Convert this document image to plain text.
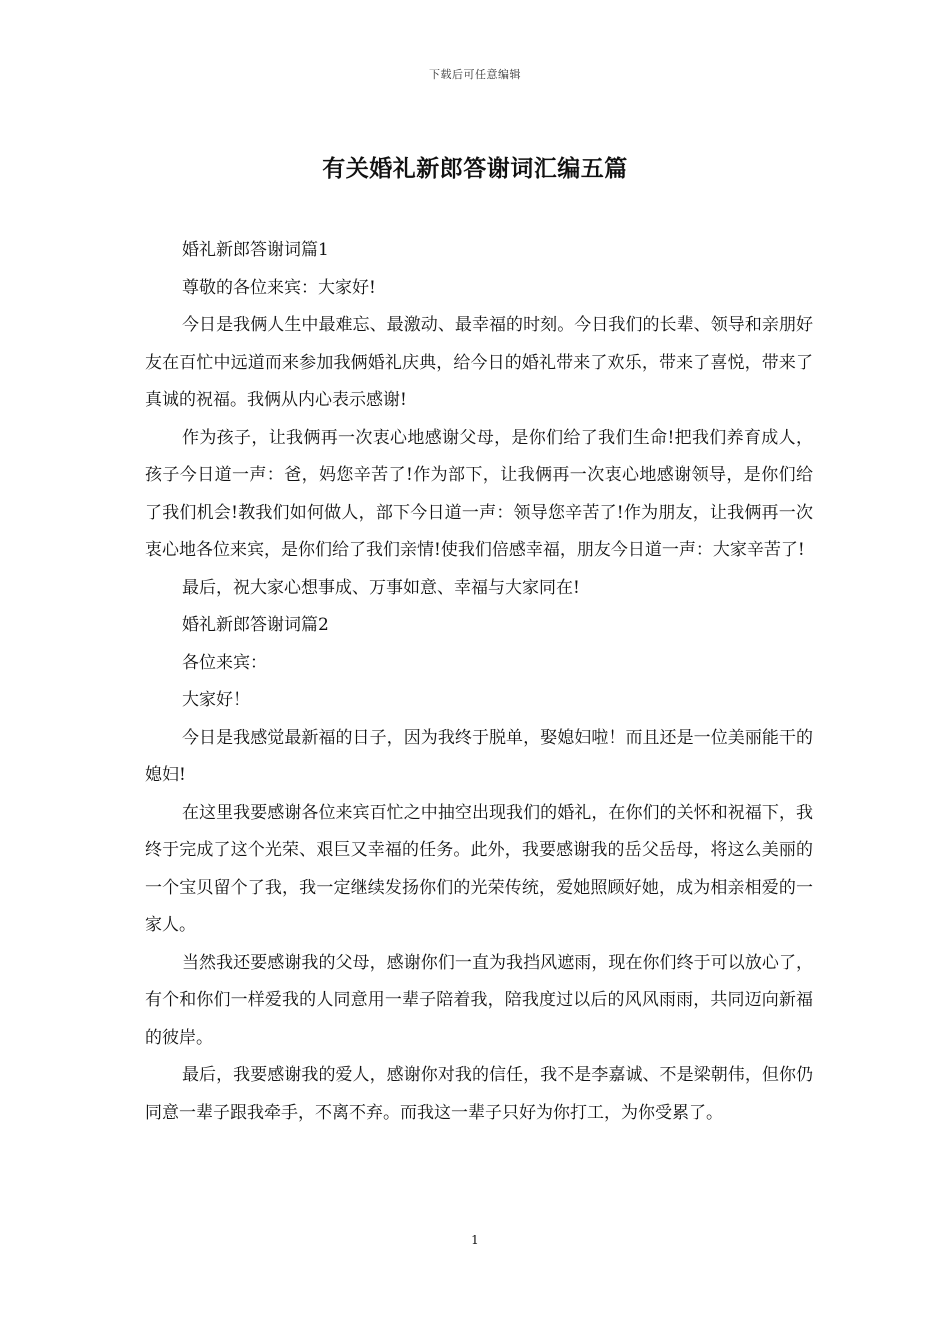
下载后可任意编辑
有关婚礼新郎答谢词汇编五篇

婚礼新郎答谢词篇1

尊敬的各位来宾：大家好!

今日是我俩人生中最难忘、最激动、最幸福的时刻。今日我们的长辈、领导和亲朋好友在百忙中远道而来参加我俩婚礼庆典，给今日的婚礼带来了欢乐，带来了喜悦，带来了真诚的祝福。我俩从内心表示感谢!

作为孩子，让我俩再一次衷心地感谢父母，是你们给了我们生命!把我们养育成人，孩子今日道一声：爸，妈您辛苦了!作为部下，让我俩再一次衷心地感谢领导，是你们给了我们机会!教我们如何做人，部下今日道一声：领导您辛苦了!作为朋友，让我俩再一次衷心地各位来宾，是你们给了我们亲情!使我们倍感幸福，朋友今日道一声：大家辛苦了!

最后，祝大家心想事成、万事如意、幸福与大家同在!

婚礼新郎答谢词篇2

各位来宾：

大家好！

今日是我感觉最新福的日子，因为我终于脱单，娶媳妇啦！而且还是一位美丽能干的媳妇!

在这里我要感谢各位来宾百忙之中抽空出现我们的婚礼，在你们的关怀和祝福下，我终于完成了这个光荣、艰巨又幸福的任务。此外，我要感谢我的岳父岳母，将这么美丽的一个宝贝留个了我，我一定继续发扬你们的光荣传统，爱她照顾好她，成为相亲相爱的一家人。

当然我还要感谢我的父母，感谢你们一直为我挡风遮雨，现在你们终于可以放心了，有个和你们一样爱我的人同意用一辈子陪着我，陪我度过以后的风风雨雨，共同迈向新福的彼岸。

最后，我要感谢我的爱人，感谢你对我的信任，我不是李嘉诚、不是梁朝伟，但你仍同意一辈子跟我牵手，不离不弃。而我这一辈子只好为你打工，为你受累了。

1
